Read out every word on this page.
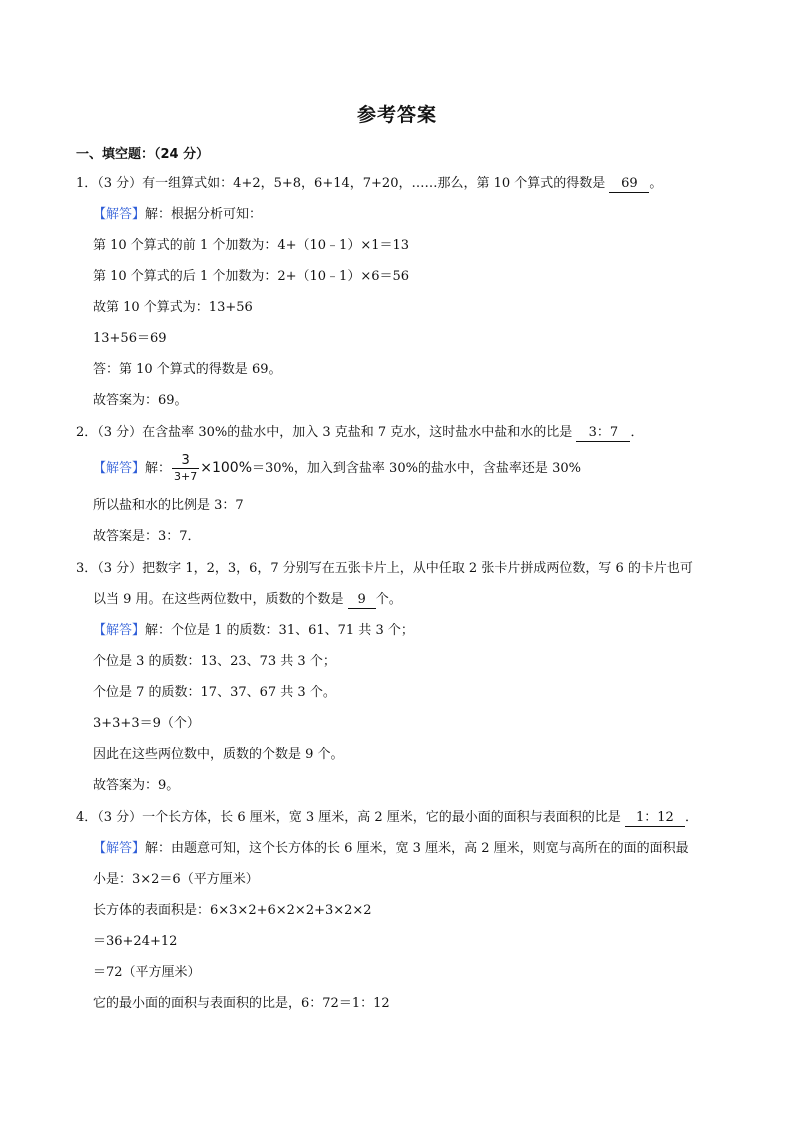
参考答案
一、填空题：（24 分）
1．（3 分）有一组算式如：4+2，5+8，6+14，7+20，……那么，第 10 个算式的得数是 69 。
【解答】解：根据分析可知：
第 10 个算式的前 1 个加数为：4+（10﹣1）×1＝13
第 10 个算式的后 1 个加数为：2+（10﹣1）×6＝56
故第 10 个算式为：13+56
13+56＝69
答：第 10 个算式的得数是 69。
故答案为：69。
2．（3 分）在含盐率 30%的盐水中，加入 3 克盐和 7 克水，这时盐水中盐和水的比是 3：7 ．
【解答】解： $\frac{3}{3+7} \times 100\%=30\%$，加入到含盐率 30%的盐水中，含盐率还是 30%
所以盐和水的比例是 3：7
故答案是：3：7．
3．（3 分）把数字 1，2，3，6，7 分别写在五张卡片上，从中任取 2 张卡片拼成两位数，写 6 的卡片也可
以当 9 用。在这些两位数中，质数的个数是 9 个。
【解答】解：个位是 1 的质数：31、61、71 共 3 个；
个位是 3 的质数：13、23、73 共 3 个；
个位是 7 的质数：17、37、67 共 3 个。
3+3+3＝9（个）
因此在这些两位数中，质数的个数是 9 个。
故答案为：9。
4．（3 分）一个长方体，长 6 厘米，宽 3 厘米，高 2 厘米，它的最小面的面积与表面积的比是 1：12 ．
【解答】解：由题意可知，这个长方体的长 6 厘米，宽 3 厘米，高 2 厘米，则宽与高所在的面的面积最
小是：3×2＝6（平方厘米）
长方体的表面积是：6×3×2+6×2×2+3×2×2
＝36+24+12
＝72（平方厘米）
它的最小面的面积与表面积的比是，6：72＝1：12
